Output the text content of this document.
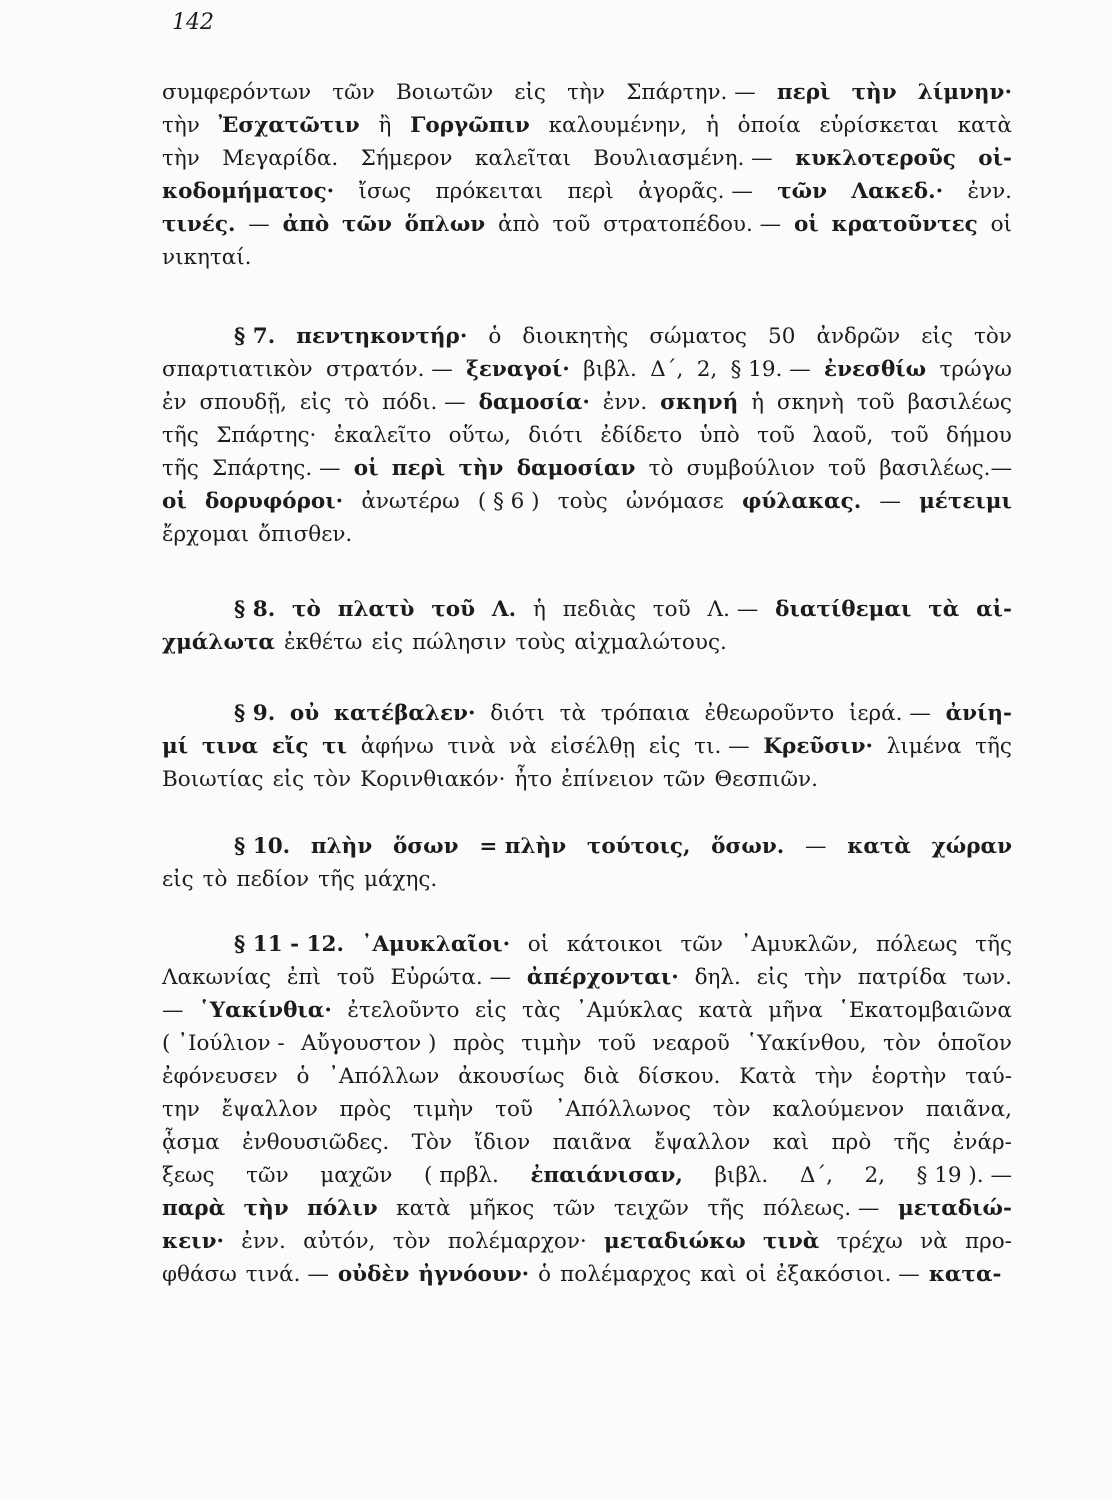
142
συμφερόντων τῶν Βοιωτῶν εἰς τὴν Σπάρτην. — περὶ τὴν λίμνην·
τὴν Ἐσχατῶτιν ἢ Γοργῶπιν καλουμένην, ἡ ὁποία εὑρίσκεται κατὰ
τὴν Μεγαρίδα. Σήμερον καλεῖται Βουλιασμένη. — κυκλοτεροῦς οἰ-
κοδομήματος· ἴσως πρόκειται περὶ ἀγορᾶς. — τῶν Λακεδ.· ἐνν.
τινές. — ἀπὸ τῶν ὅπλων ἀπὸ τοῦ στρατοπέδου. — οἱ κρατοῦντες οἱ
νικηταί.
§ 7. πεντηκοντήρ· ὁ διοικητὴς σώματος 50 ἀνδρῶν εἰς τὸν
σπαρτιατικὸν στρατόν. — ξεναγοί· βιβλ. Δ΄, 2, § 19. — ἐνεσθίω τρώγω
ἐν σπουδῇ, εἰς τὸ πόδι. — δαμοσία· ἐνν. σκηνή ἡ σκηνὴ τοῦ βασιλέως
τῆς Σπάρτης· ἐκαλεῖτο οὕτω, διότι ἐδίδετο ὑπὸ τοῦ λαοῦ, τοῦ δήμου
τῆς Σπάρτης. — οἱ περὶ τὴν δαμοσίαν τὸ συμβούλιον τοῦ βασιλέως.—
οἱ δορυφόροι· ἀνωτέρω ( § 6 ) τοὺς ὠνόμασε φύλακας. — μέτειμι
ἔρχομαι ὄπισθεν.
§ 8. τὸ πλατὺ τοῦ Λ. ἡ πεδιὰς τοῦ Λ. — διατίθεμαι τὰ αἰ-
χμάλωτα ἐκθέτω εἰς πώλησιν τοὺς αἰχμαλώτους.
§ 9. οὐ κατέβαλεν· διότι τὰ τρόπαια ἐθεωροῦντο ἱερά. — ἀνίη-
μί τινα εἴς τι ἀφήνω τινὰ νὰ εἰσέλθῃ εἰς τι. — Κρεῦσιν· λιμένα τῆς
Βοιωτίας εἰς τὸν Κορινθιακόν· ἦτο ἐπίνειον τῶν Θεσπιῶν.
§ 10. πλὴν ὅσων = πλὴν τούτοις, ὅσων. — κατὰ χώραν
εἰς τὸ πεδίον τῆς μάχης.
§ 11 - 12. ᾿Αμυκλαῖοι· οἱ κάτοικοι τῶν ᾿Αμυκλῶν, πόλεως τῆς
Λακωνίας ἐπὶ τοῦ Εὐρώτα. — ἀπέρχονται· δηλ. εἰς τὴν πατρίδα των.
— ῾Υακίνθια· ἐτελοῦντο εἰς τὰς ᾿Αμύκλας κατὰ μῆνα ῾Εκατομβαιῶνα
( ᾿Ιούλιον - Αὔγουστον ) πρὸς τιμὴν τοῦ νεαροῦ ῾Υακίνθου, τὸν ὁποῖον
ἐφόνευσεν ὁ ᾿Απόλλων ἀκουσίως διὰ δίσκου. Κατὰ τὴν ἑορτὴν ταύ-
την ἔψαλλον πρὸς τιμὴν τοῦ ᾿Απόλλωνος τὸν καλούμενον παιᾶνα,
ᾆσμα ἐνθουσιῶδες. Τὸν ἴδιον παιᾶνα ἔψαλλον καὶ πρὸ τῆς ἐνάρ-
ξεως τῶν μαχῶν ( πρβλ. ἐπαιάνισαν, βιβλ. Δ΄, 2, § 19 ). —
παρὰ τὴν πόλιν κατὰ μῆκος τῶν τειχῶν τῆς πόλεως. — μεταδιώ-
κειν· ἐνν. αὐτόν, τὸν πολέμαρχον· μεταδιώκω τινὰ τρέχω νὰ προ-
φθάσω τινά. — οὐδὲν ἠγνόουν· ὁ πολέμαρχος καὶ οἱ ἐξακόσιοι. — κατα-
